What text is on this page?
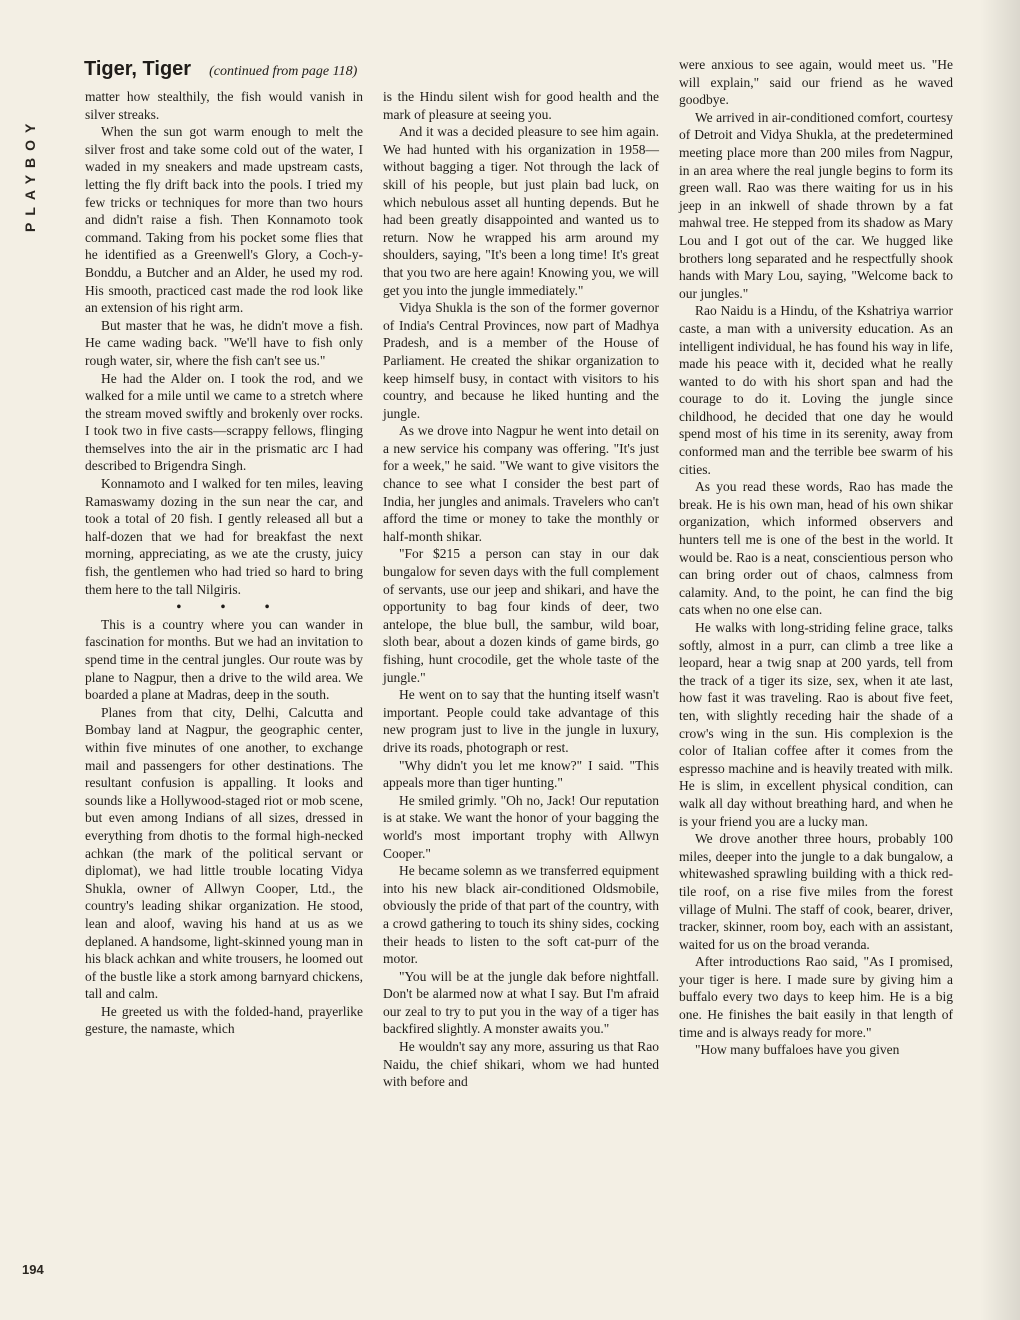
PLAYBOY
Tiger, Tiger (continued from page 118)

matter how stealthily, the fish would vanish in silver streaks.

When the sun got warm enough to melt the silver frost and take some cold out of the water, I waded in my sneakers and made upstream casts, letting the fly drift back into the pools. I tried my few tricks or techniques for more than two hours and didn't raise a fish. Then Konnamoto took command. Taking from his pocket some flies that he identified as a Greenwell's Glory, a Coch-y-Bonddu, a Butcher and an Alder, he used my rod. His smooth, practiced cast made the rod look like an extension of his right arm.

But master that he was, he didn't move a fish. He came wading back. "We'll have to fish only rough water, sir, where the fish can't see us."

He had the Alder on. I took the rod, and we walked for a mile until we came to a stretch where the stream moved swiftly and brokenly over rocks. I took two in five casts—scrappy fellows, flinging themselves into the air in the prismatic arc I had described to Brigendra Singh.

Konnamoto and I walked for ten miles, leaving Ramaswamy dozing in the sun near the car, and took a total of 20 fish. I gently released all but a half-dozen that we had for breakfast the next morning, appreciating, as we ate the crusty, juicy fish, the gentlemen who had tried so hard to bring them here to the tall Nilgiris.

• • •

This is a country where you can wander in fascination for months. But we had an invitation to spend time in the central jungles. Our route was by plane to Nagpur, then a drive to the wild area. We boarded a plane at Madras, deep in the south.

Planes from that city, Delhi, Calcutta and Bombay land at Nagpur, the geographic center, within five minutes of one another, to exchange mail and passengers for other destinations. The resultant confusion is appalling. It looks and sounds like a Hollywood-staged riot or mob scene, but even among Indians of all sizes, dressed in everything from dhotis to the formal high-necked achkan (the mark of the political servant or diplomat), we had little trouble locating Vidya Shukla, owner of Allwyn Cooper, Ltd., the country's leading shikar organization. He stood, lean and aloof, waving his hand at us as we deplaned. A handsome, light-skinned young man in his black achkan and white trousers, he loomed out of the bustle like a stork among barnyard chickens, tall and calm.

He greeted us with the folded-hand, prayerlike gesture, the namaste, which

is the Hindu silent wish for good health and the mark of pleasure at seeing you.

And it was a decided pleasure to see him again. We had hunted with his organization in 1958—without bagging a tiger. Not through the lack of skill of his people, but just plain bad luck, on which nebulous asset all hunting depends. But he had been greatly disappointed and wanted us to return. Now he wrapped his arm around my shoulders, saying, "It's been a long time! It's great that you two are here again! Knowing you, we will get you into the jungle immediately."

Vidya Shukla is the son of the former governor of India's Central Provinces, now part of Madhya Pradesh, and is a member of the House of Parliament. He created the shikar organization to keep himself busy, in contact with visitors to his country, and because he liked hunting and the jungle.

As we drove into Nagpur he went into detail on a new service his company was offering. "It's just for a week," he said. "We want to give visitors the chance to see what I consider the best part of India, her jungles and animals. Travelers who can't afford the time or money to take the monthly or half-month shikar.

"For $215 a person can stay in our dak bungalow for seven days with the full complement of servants, use our jeep and shikari, and have the opportunity to bag four kinds of deer, two antelope, the blue bull, the sambur, wild boar, sloth bear, about a dozen kinds of game birds, go fishing, hunt crocodile, get the whole taste of the jungle."

He went on to say that the hunting itself wasn't important. People could take advantage of this new program just to live in the jungle in luxury, drive its roads, photograph or rest.

"Why didn't you let me know?" I said. "This appeals more than tiger hunting."

He smiled grimly. "Oh no, Jack! Our reputation is at stake. We want the honor of your bagging the world's most important trophy with Allwyn Cooper."

He became solemn as we transferred equipment into his new black air-conditioned Oldsmobile, obviously the pride of that part of the country, with a crowd gathering to touch its shiny sides, cocking their heads to listen to the soft cat-purr of the motor.

"You will be at the jungle dak before nightfall. Don't be alarmed now at what I say. But I'm afraid our zeal to try to put you in the way of a tiger has backfired slightly. A monster awaits you."

He wouldn't say any more, assuring us that Rao Naidu, the chief shikari, whom we had hunted with before and

were anxious to see again, would meet us. "He will explain," said our friend as he waved goodbye.

We arrived in air-conditioned comfort, courtesy of Detroit and Vidya Shukla, at the predetermined meeting place more than 200 miles from Nagpur, in an area where the real jungle begins to form its green wall. Rao was there waiting for us in his jeep in an inkwell of shade thrown by a fat mahwal tree. He stepped from its shadow as Mary Lou and I got out of the car. We hugged like brothers long separated and he respectfully shook hands with Mary Lou, saying, "Welcome back to our jungles."

Rao Naidu is a Hindu, of the Kshatriya warrior caste, a man with a university education. As an intelligent individual, he has found his way in life, made his peace with it, decided what he really wanted to do with his short span and had the courage to do it. Loving the jungle since childhood, he decided that one day he would spend most of his time in its serenity, away from conformed man and the terrible bee swarm of his cities.

As you read these words, Rao has made the break. He is his own man, head of his own shikar organization, which informed observers and hunters tell me is one of the best in the world. It would be. Rao is a neat, conscientious person who can bring order out of chaos, calmness from calamity. And, to the point, he can find the big cats when no one else can.

He walks with long-striding feline grace, talks softly, almost in a purr, can climb a tree like a leopard, hear a twig snap at 200 yards, tell from the track of a tiger its size, sex, when it ate last, how fast it was traveling. Rao is about five feet, ten, with slightly receding hair the shade of a crow's wing in the sun. His complexion is the color of Italian coffee after it comes from the espresso machine and is heavily treated with milk. He is slim, in excellent physical condition, can walk all day without breathing hard, and when he is your friend you are a lucky man.

We drove another three hours, probably 100 miles, deeper into the jungle to a dak bungalow, a whitewashed sprawling building with a thick red-tile roof, on a rise five miles from the forest village of Mulni. The staff of cook, bearer, driver, tracker, skinner, room boy, each with an assistant, waited for us on the broad veranda.

After introductions Rao said, "As I promised, your tiger is here. I made sure by giving him a buffalo every two days to keep him. He is a big one. He finishes the bait easily in that length of time and is always ready for more."

"How many buffaloes have you given

194
